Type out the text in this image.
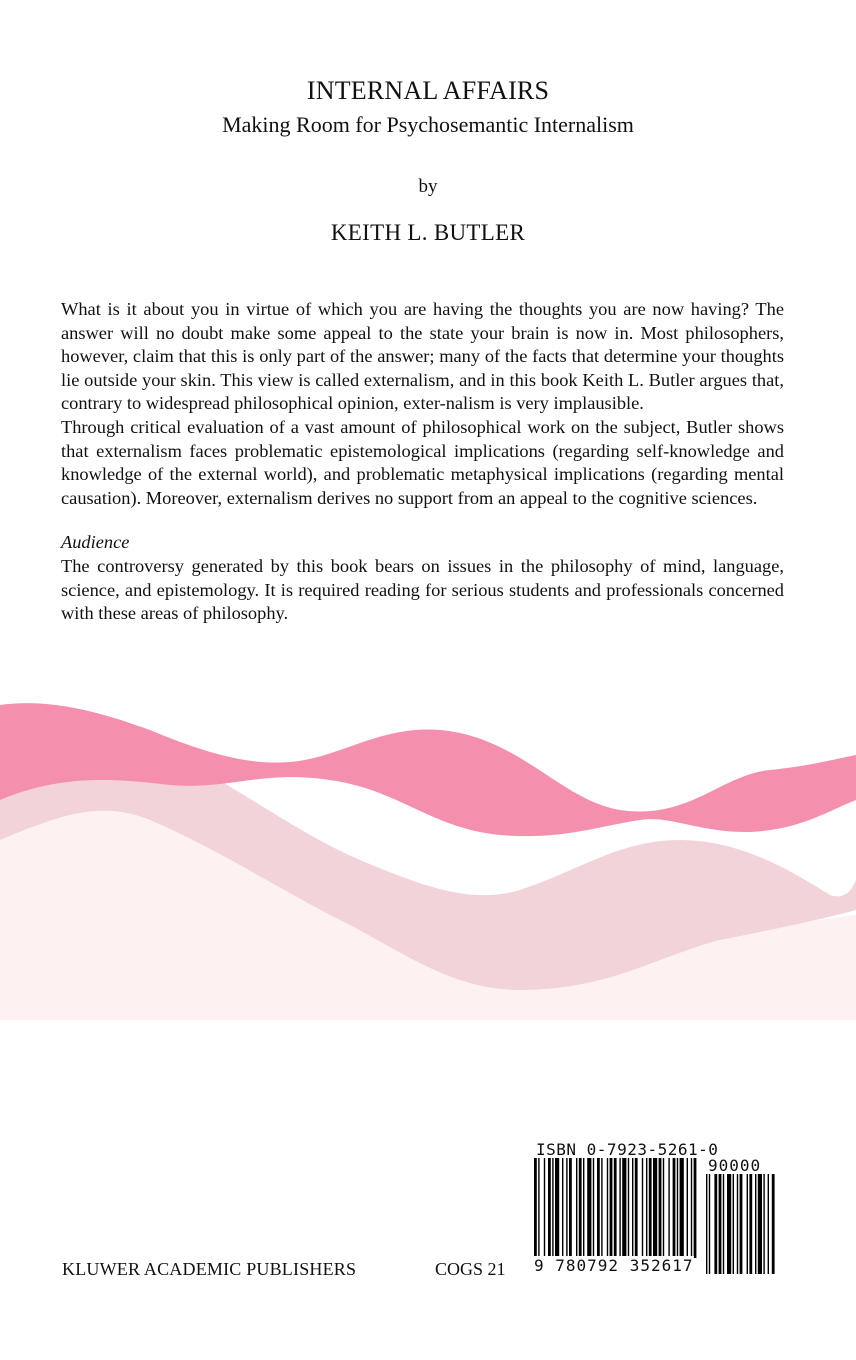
INTERNAL AFFAIRS
Making Room for Psychosemantic Internalism
by
KEITH L. BUTLER

What is it about you in virtue of which you are having the thoughts you are now having? The answer will no doubt make some appeal to the state your brain is now in. Most philosophers, however, claim that this is only part of the answer; many of the facts that determine your thoughts lie outside your skin. This view is called externalism, and in this book Keith L. Butler argues that, contrary to widespread philosophical opinion, exter-nalism is very implausible.

Through critical evaluation of a vast amount of philosophical work on the subject, Butler shows that externalism faces problematic epistemological implications (regarding self-knowledge and knowledge of the external world), and problematic metaphysical implications (regarding mental causation). Moreover, externalism derives no support from an appeal to the cognitive sciences.

Audience

The controversy generated by this book bears on issues in the philosophy of mind, language, science, and epistemology. It is required reading for serious students and professionals concerned with these areas of philosophy.

KLUWER ACADEMIC PUBLISHERS	COGS 21
ISBN 0-7923-5261-0
90000
9 780792 352617
